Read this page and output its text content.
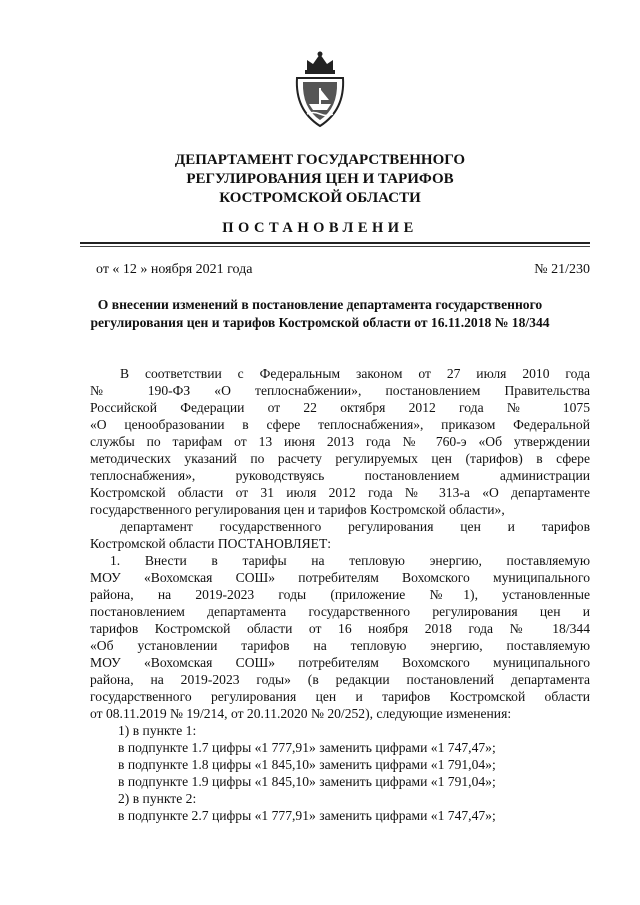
ДЕПАРТАМЕНТ ГОСУДАРСТВЕННОГО
РЕГУЛИРОВАНИЯ ЦЕН И ТАРИФОВ
КОСТРОМСКОЙ ОБЛАСТИ
ПОСТАНОВЛЕНИЕ
от « 12 » ноября 2021 года	№ 21/230
О внесении изменений в постановление департамента государственного
регулирования цен и тарифов Костромской области от 16.11.2018 № 18/344
В соответствии с Федеральным законом от 27 июля 2010 года
№ 190-ФЗ «О теплоснабжении», постановлением Правительства
Российской Федерации от 22 октября 2012 года № 1075
«О ценообразовании в сфере теплоснабжения», приказом Федеральной
службы по тарифам от 13 июня 2013 года № 760-э «Об утверждении
методических указаний по расчету регулируемых цен (тарифов) в сфере
теплоснабжения», руководствуясь постановлением администрации
Костромской области от 31 июля 2012 года № 313-а «О департаменте
государственного регулирования цен и тарифов Костромской области»,
департамент государственного регулирования цен и тарифов
Костромской области ПОСТАНОВЛЯЕТ:
1. Внести в тарифы на тепловую энергию, поставляемую
МОУ «Вохомская СОШ» потребителям Вохомского муниципального
района, на 2019-2023 годы (приложение №1), установленные
постановлением департамента государственного регулирования цен и
тарифов Костромской области от 16 ноября 2018 года № 18/344
«Об установлении тарифов на тепловую энергию, поставляемую
МОУ «Вохомская СОШ» потребителям Вохомского муниципального
района, на 2019-2023 годы» (в редакции постановлений департамента
государственного регулирования цен и тарифов Костромской области
от 08.11.2019 № 19/214, от 20.11.2020 № 20/252), следующие изменения:
1) в пункте 1:
в подпункте 1.7 цифры «1 777,91» заменить цифрами «1 747,47»;
в подпункте 1.8 цифры «1 845,10» заменить цифрами «1 791,04»;
в подпункте 1.9 цифры «1 845,10» заменить цифрами «1 791,04»;
2) в пункте 2:
в подпункте 2.7 цифры «1 777,91» заменить цифрами «1 747,47»;
